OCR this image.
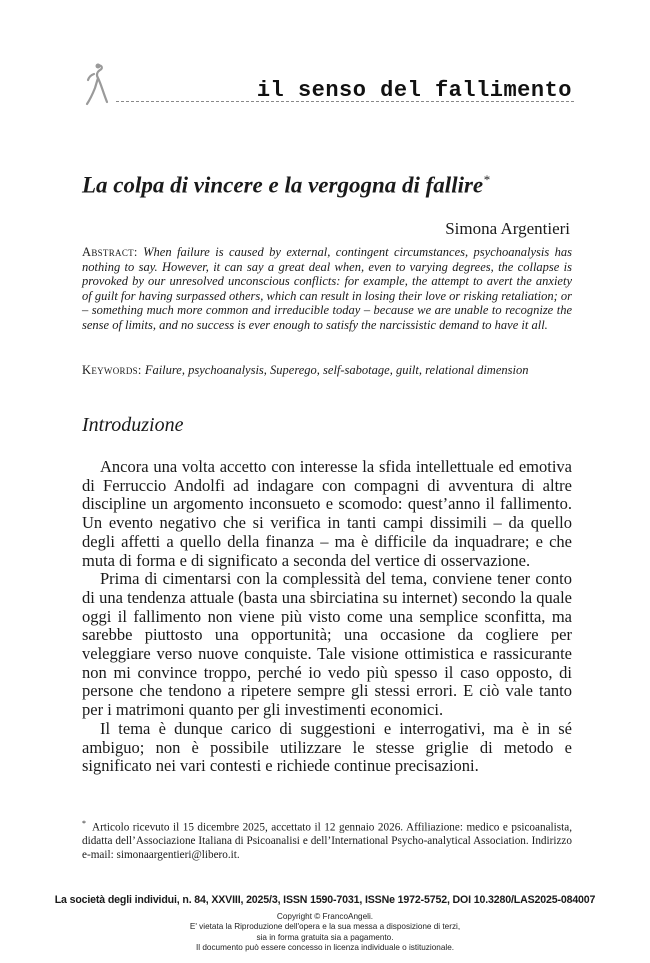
il senso del fallimento
La colpa di vincere e la vergogna di fallire*
Simona Argentieri
Abstract: When failure is caused by external, contingent circumstances, psychoanalysis has nothing to say. However, it can say a great deal when, even to varying degrees, the collapse is provoked by our unresolved unconscious conflicts: for example, the attempt to avert the anxiety of guilt for having surpassed others, which can result in losing their love or risking retaliation; or – something much more common and irreducible today – because we are unable to recognize the sense of limits, and no success is ever enough to satisfy the narcissistic demand to have it all.
Keywords: Failure, psychoanalysis, Superego, self-sabotage, guilt, relational dimension
Introduzione

Ancora una volta accetto con interesse la sfida intellettuale ed emotiva di Ferruccio Andolfi ad indagare con compagni di avventura di altre discipline un argomento inconsueto e scomodo: quest’anno il fallimento. Un evento negativo che si verifica in tanti campi dissimili – da quello degli affetti a quello della finanza – ma è difficile da inquadrare; e che muta di forma e di significato a seconda del vertice di osservazione.

Prima di cimentarsi con la complessità del tema, conviene tener conto di una tendenza attuale (basta una sbirciatina su internet) secondo la quale oggi il fallimento non viene più visto come una semplice sconfitta, ma sarebbe piuttosto una opportunità; una occasione da cogliere per veleggiare verso nuove conquiste. Tale visione ottimistica e rassicurante non mi convince troppo, perché io vedo più spesso il caso opposto, di persone che tendono a ripetere sempre gli stessi errori. E ciò vale tanto per i matrimoni quanto per gli investimenti economici.

Il tema è dunque carico di suggestioni e interrogativi, ma è in sé ambiguo; non è possibile utilizzare le stesse griglie di metodo e significato nei vari contesti e richiede continue precisazioni.

* Articolo ricevuto il 15 dicembre 2025, accettato il 12 gennaio 2026. Affiliazione: medico e psicoanalista, didatta dell’Associazione Italiana di Psicoanalisi e dell’International Psycho-analytical Association. Indirizzo e-mail: simonaargentieri@libero.it.
La società degli individui, n. 84, XXVIII, 2025/3, ISSN 1590-7031, ISSNe 1972-5752, DOI 10.3280/LAS2025-084007
Copyright © FrancoAngeli.
E' vietata la Riproduzione dell'opera e la sua messa a disposizione di terzi,
sia in forma gratuita sia a pagamento.
Il documento può essere concesso in licenza individuale o istituzionale.
